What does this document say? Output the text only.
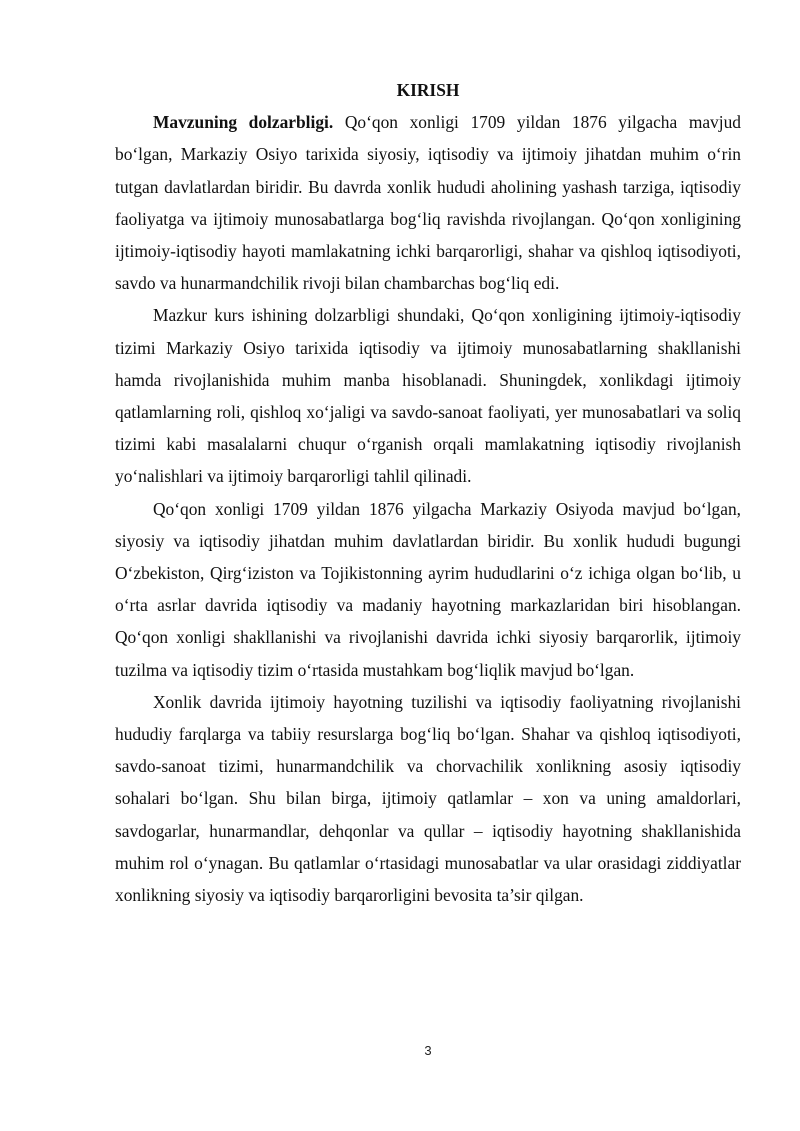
KIRISH

Mavzuning dolzarbligi. Qo‘qon xonligi 1709 yildan 1876 yilgacha mavjud bo‘lgan, Markaziy Osiyo tarixida siyosiy, iqtisodiy va ijtimoiy jihatdan muhim o‘rin tutgan davlatlardan biridir. Bu davrda xonlik hududi aholining yashash tarziga, iqtisodiy faoliyatga va ijtimoiy munosabatlarga bog‘liq ravishda rivojlangan. Qo‘qon xonligining ijtimoiy-iqtisodiy hayoti mamlakatning ichki barqarorligi, shahar va qishloq iqtisodiyoti, savdo va hunarmandchilik rivoji bilan chambarchas bog‘liq edi.

Mazkur kurs ishining dolzarbligi shundaki, Qo‘qon xonligining ijtimoiy-iqtisodiy tizimi Markaziy Osiyo tarixida iqtisodiy va ijtimoiy munosabatlarning shakllanishi hamda rivojlanishida muhim manba hisoblanadi. Shuningdek, xonlikdagi ijtimoiy qatlamlarning roli, qishloq xo‘jaligi va savdo-sanoat faoliyati, yer munosabatlari va soliq tizimi kabi masalalarni chuqur o‘rganish orqali mamlakatning iqtisodiy rivojlanish yo‘nalishlari va ijtimoiy barqarorligi tahlil qilinadi.

Qo‘qon xonligi 1709 yildan 1876 yilgacha Markaziy Osiyoda mavjud bo‘lgan, siyosiy va iqtisodiy jihatdan muhim davlatlardan biridir. Bu xonlik hududi bugungi O‘zbekiston, Qirg‘iziston va Tojikistonning ayrim hududlarini o‘z ichiga olgan bo‘lib, u o‘rta asrlar davrida iqtisodiy va madaniy hayotning markazlaridan biri hisoblangan. Qo‘qon xonligi shakllanishi va rivojlanishi davrida ichki siyosiy barqarorlik, ijtimoiy tuzilma va iqtisodiy tizim o‘rtasida mustahkam bog‘liqlik mavjud bo‘lgan.

Xonlik davrida ijtimoiy hayotning tuzilishi va iqtisodiy faoliyatning rivojlanishi hududiy farqlarga va tabiiy resurslarga bog‘liq bo‘lgan. Shahar va qishloq iqtisodiyoti, savdo-sanoat tizimi, hunarmandchilik va chorvachilik xonlikning asosiy iqtisodiy sohalari bo‘lgan. Shu bilan birga, ijtimoiy qatlamlar – xon va uning amaldorlari, savdogarlar, hunarmandlar, dehqonlar va qullar – iqtisodiy hayotning shakllanishida muhim rol o‘ynagan. Bu qatlamlar o‘rtasidagi munosabatlar va ular orasidagi ziddiyatlar xonlikning siyosiy va iqtisodiy barqarorligini bevosita ta’sir qilgan.

3
